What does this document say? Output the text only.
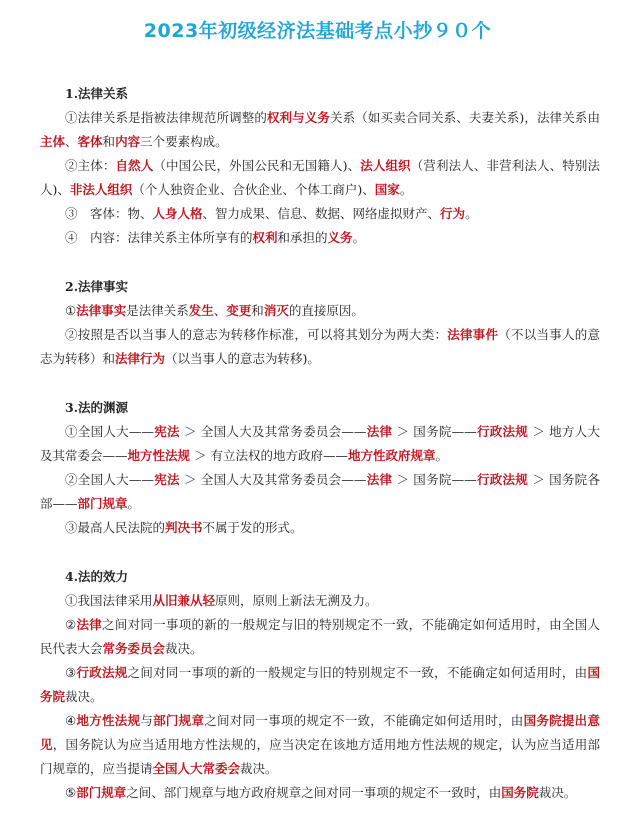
2023年初级经济法基础考点小抄９０个
1.法律关系
①法律关系是指被法律规范所调整的权利与义务关系（如买卖合同关系、夫妻关系)，法律关系由主体、客体和内容三个要素构成。
②主体：自然人（中国公民，外国公民和无国籍人)、法人组织（营利法人、非营利法人、特别法人)、非法人组织（个人独资企业、合伙企业、个体工商户)、国家。
③　客体：物、人身人格、智力成果、信息、数据、网络虚拟财产、行为。
④　内容：法律关系主体所享有的权利和承担的义务。
2.法律事实
①法律事实是法律关系发生、变更和消灭的直接原因。
②按照是否以当事人的意志为转移作标准，可以将其划分为两大类：法律事件（不以当事人的意志为转移）和法律行为（以当事人的意志为转移)。
3.法的渊源
①全国人大——宪法 ＞ 全国人大及其常务委员会——法律 ＞ 国务院——行政法规 ＞ 地方人大及其常委会——地方性法规 ＞ 有立法权的地方政府——地方性政府规章。
②全国人大——宪法 ＞ 全国人大及其常务委员会——法律 ＞ 国务院——行政法规 ＞ 国务院各部——部门规章。
③最高人民法院的判决书不属于发的形式。
4.法的效力
①我国法律采用从旧兼从轻原则，原则上新法无溯及力。
②法律之间对同一事项的新的一般规定与旧的特别规定不一致，不能确定如何适用时，由全国人民代表大会常务委员会裁决。
③行政法规之间对同一事项的新的一般规定与旧的特别规定不一致，不能确定如何适用时，由国务院裁决。
④地方性法规与部门规章之间对同一事项的规定不一致，不能确定如何适用时，由国务院提出意见，国务院认为应当适用地方性法规的，应当决定在该地方适用地方性法规的规定，认为应当适用部门规章的，应当提请全国人大常委会裁决。
⑤部门规章之间、部门规章与地方政府规章之间对同一事项的规定不一致时，由国务院裁决。
